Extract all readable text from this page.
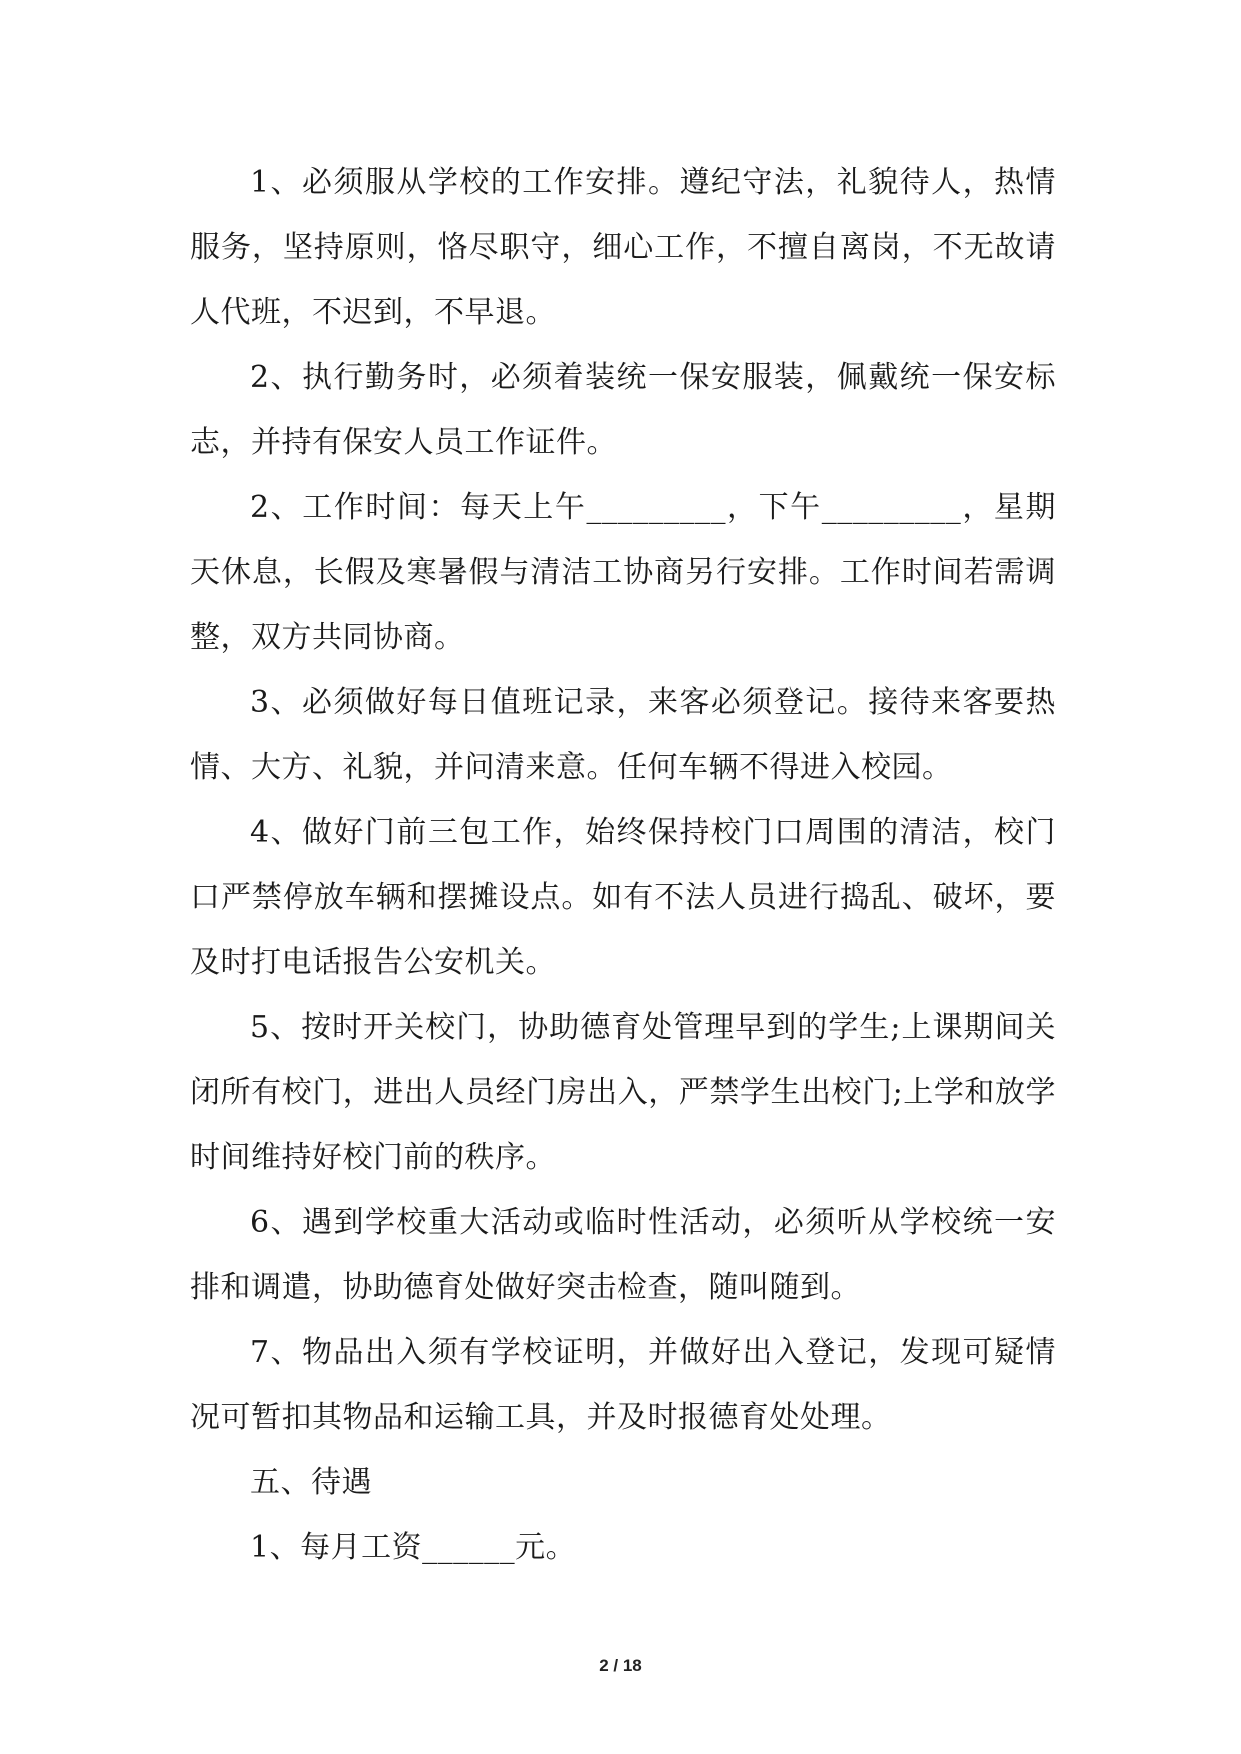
1、必须服从学校的工作安排。遵纪守法，礼貌待人，热情服务，坚持原则，恪尽职守，细心工作，不擅自离岗，不无故请人代班，不迟到，不早退。

2、执行勤务时，必须着装统一保安服装，佩戴统一保安标志，并持有保安人员工作证件。

2、工作时间：每天上午_________，下午_________，星期天休息，长假及寒暑假与清洁工协商另行安排。工作时间若需调整，双方共同协商。

3、必须做好每日值班记录，来客必须登记。接待来客要热情、大方、礼貌，并问清来意。任何车辆不得进入校园。

4、做好门前三包工作，始终保持校门口周围的清洁，校门口严禁停放车辆和摆摊设点。如有不法人员进行捣乱、破坏，要及时打电话报告公安机关。

5、按时开关校门，协助德育处管理早到的学生;上课期间关闭所有校门，进出人员经门房出入，严禁学生出校门;上学和放学时间维持好校门前的秩序。

6、遇到学校重大活动或临时性活动，必须听从学校统一安排和调遣，协助德育处做好突击检查，随叫随到。

7、物品出入须有学校证明，并做好出入登记，发现可疑情况可暂扣其物品和运输工具，并及时报德育处处理。

五、待遇

1、每月工资______元。

2 / 18
